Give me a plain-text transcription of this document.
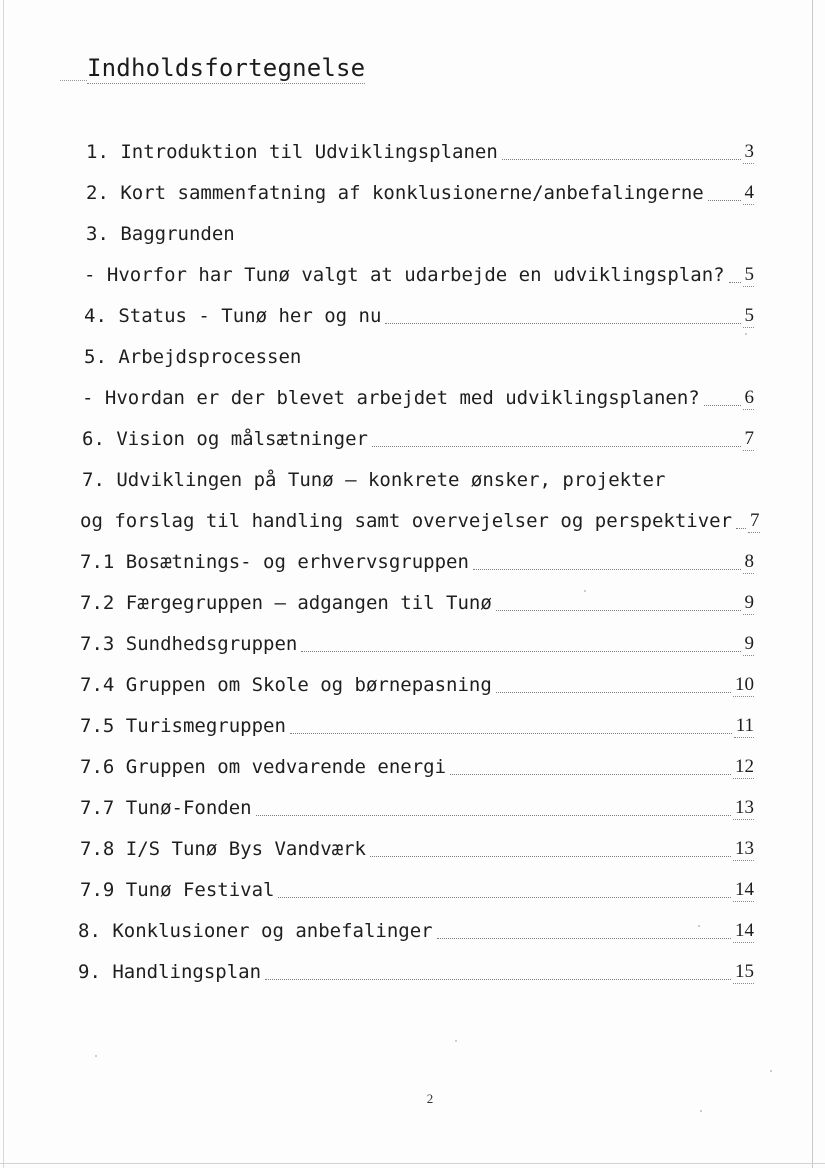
Indholdsfortegnelse
1. Introduktion til Udviklingsplanen	3
2. Kort sammenfatning af konklusionerne/anbefalingerne 4
3. Baggrunden
- Hvorfor har Tunø valgt at udarbejde en udviklingsplan? 5
4. Status - Tunø her og nu	5
5. Arbejdsprocessen
- Hvordan er der blevet arbejdet med udviklingsplanen? 6
6. Vision og målsætninger	7
7. Udviklingen på Tunø – konkrete ønsker, projekter
og forslag til handling samt overvejelser og perspektiver 7
7.1 Bosætnings- og erhvervsgruppen	8
7.2 Færgegruppen – adgangen til Tunø	9
7.3 Sundhedsgruppen	9
7.4 Gruppen om Skole og børnepasning	10
7.5 Turismegruppen	11
7.6 Gruppen om vedvarende energi	12
7.7 Tunø-Fonden	13
7.8 I/S Tunø Bys Vandværk	13
7.9 Tunø Festival	14
8. Konklusioner og anbefalinger	14
9. Handlingsplan	15
2
